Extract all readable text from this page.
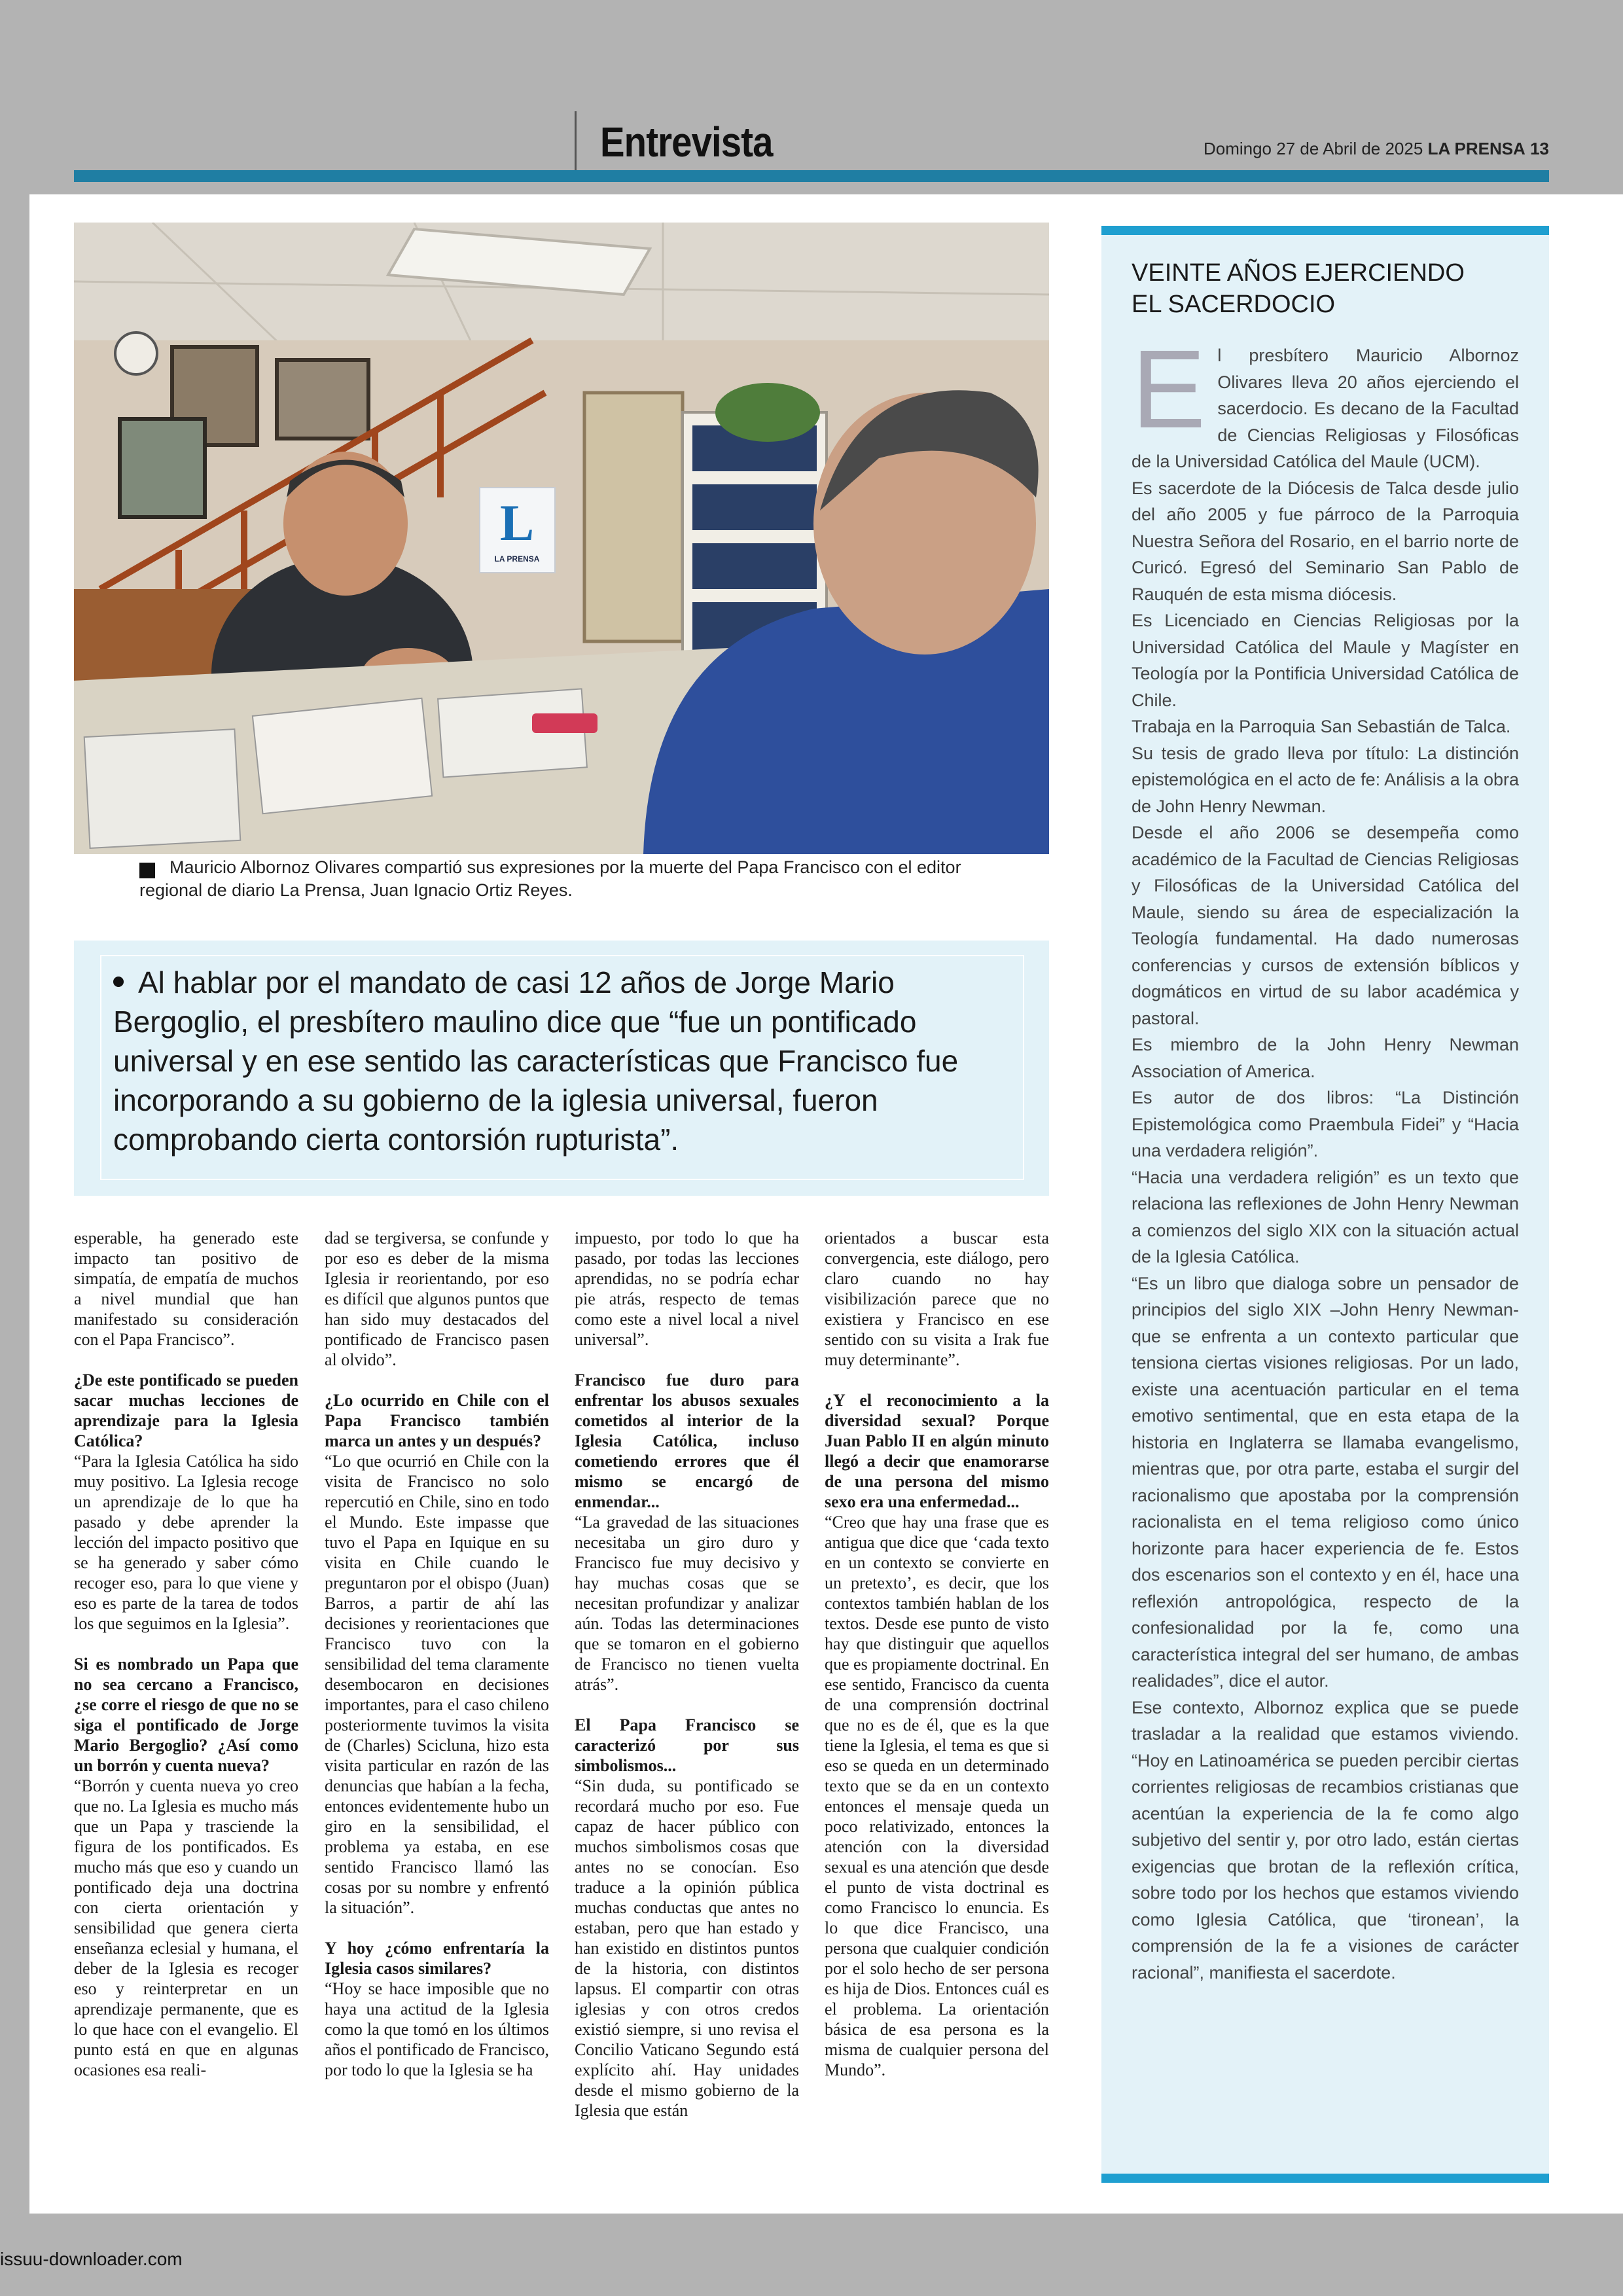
Entrevista	Domingo 27 de Abril de 2025 LA PRENSA 13
L
LA PRENSA
Mauricio Albornoz Olivares compartió sus expresiones por la muerte del Papa Francisco con el editor regional de diario La Prensa, Juan Ignacio Ortiz Reyes.
Al hablar por el mandato de casi 12 años de Jorge Mario Bergoglio, el presbítero maulino dice que “fue un pontificado universal y en ese sentido las características que Francisco fue incorporando a su gobierno de la iglesia universal, fueron comprobando cierta contorsión rupturista”.

esperable, ha generado este impacto tan positivo de simpatía, de empatía de muchos a nivel mundial que han manifestado su consideración con el Papa Francisco”.

¿De este pontificado se pueden sacar muchas lecciones de aprendizaje para la Iglesia Católica?

“Para la Iglesia Católica ha sido muy positivo. La Iglesia recoge un aprendizaje de lo que ha pasado y debe aprender la lección del impacto positivo que se ha generado y saber cómo recoger eso, para lo que viene y eso es parte de la tarea de todos los que seguimos en la Iglesia”.

Si es nombrado un Papa que no sea cercano a Francisco, ¿se corre el riesgo de que no se siga el pontificado de Jorge Mario Bergoglio? ¿Así como un borrón y cuenta nueva?

“Borrón y cuenta nueva yo creo que no. La Iglesia es mucho más que un Papa y trasciende la figura de los pontificados. Es mucho más que eso y cuando un pontificado deja una doctrina con cierta orientación y sensibilidad que genera cierta enseñanza eclesial y humana, el deber de la Iglesia es recoger eso y reinterpretar en un aprendizaje permanente, que es lo que hace con el evangelio. El punto está en que en algunas ocasiones esa reali-

dad se tergiversa, se confunde y por eso es deber de la misma Iglesia ir reorientando, por eso es difícil que algunos puntos que han sido muy destacados del pontificado de Francisco pasen al olvido”.

¿Lo ocurrido en Chile con el Papa Francisco también marca un antes y un después?

“Lo que ocurrió en Chile con la visita de Francisco no solo repercutió en Chile, sino en todo el Mundo. Este impasse que tuvo el Papa en Iquique en su visita en Chile cuando le preguntaron por el obispo (Juan) Barros, a partir de ahí las decisiones y reorientaciones que Francisco tuvo con la sensibilidad del tema claramente desembocaron en decisiones importantes, para el caso chileno posteriormente tuvimos la visita de (Charles) Scicluna, hizo esta visita particular en razón de las denuncias que habían a la fecha, entonces evidentemente hubo un giro en la sensibilidad, el problema ya estaba, en ese sentido Francisco llamó las cosas por su nombre y enfrentó la situación”.

Y hoy ¿cómo enfrentaría la Iglesia casos similares?

“Hoy se hace imposible que no haya una actitud de la Iglesia como la que tomó en los últimos años el pontificado de Francisco, por todo lo que la Iglesia se ha

impuesto, por todo lo que ha pasado, por todas las lecciones aprendidas, no se podría echar pie atrás, respecto de temas como este a nivel local a nivel universal”.

Francisco fue duro para enfrentar los abusos sexuales cometidos al interior de la Iglesia Católica, incluso cometiendo errores que él mismo se encargó de enmendar...

“La gravedad de las situaciones necesitaba un giro duro y Francisco fue muy decisivo y hay muchas cosas que se necesitan profundizar y analizar aún. Todas las determinaciones que se tomaron en el gobierno de Francisco no tienen vuelta atrás”.

El Papa Francisco se caracterizó por sus simbolismos...

“Sin duda, su pontificado se recordará mucho por eso. Fue capaz de hacer público con muchos simbolismos cosas que antes no se conocían. Eso traduce a la opinión pública muchas conductas que antes no estaban, pero que han estado y han existido en distintos puntos de la historia, con distintos lapsus. El compartir con otras iglesias y con otros credos existió siempre, si uno revisa el Concilio Vaticano Segundo está explícito ahí. Hay unidades desde el mismo gobierno de la Iglesia que están

orientados a buscar esta convergencia, este diálogo, pero claro cuando no hay visibilización parece que no existiera y Francisco en ese sentido con su visita a Irak fue muy determinante”.

¿Y el reconocimiento a la diversidad sexual? Porque Juan Pablo II en algún minuto llegó a decir que enamorarse de una persona del mismo sexo era una enfermedad...

“Creo que hay una frase que es antigua que dice que ‘cada texto en un contexto se convierte en un pretexto’, es decir, que los contextos también hablan de los textos. Desde ese punto de visto hay que distinguir que aquellos que es propiamente doctrinal. En ese sentido, Francisco da cuenta de una comprensión doctrinal que no es de él, que es la que tiene la Iglesia, el tema es que si eso se queda en un determinado texto que se da en un contexto entonces el mensaje queda un poco relativizado, entonces la atención con la diversidad sexual es una atención que desde el punto de vista doctrinal es como Francisco lo enuncia. Es lo que dice Francisco, una persona que cualquier condición por el solo hecho de ser persona es hija de Dios. Entonces cuál es el problema. La orientación básica de esa persona es la misma de cualquier persona del Mundo”.

VEINTE AÑOS EJERCIENDO
EL SACERDOCIO

El presbítero Mauricio Albornoz Olivares lleva 20 años ejerciendo el sacerdocio. Es decano de la Facultad de Ciencias Religiosas y Filosóficas de la Universidad Católica del Maule (UCM).

Es sacerdote de la Diócesis de Talca desde julio del año 2005 y fue párroco de la Parroquia Nuestra Señora del Rosario, en el barrio norte de Curicó. Egresó del Seminario San Pablo de Rauquén de esta misma diócesis.

Es Licenciado en Ciencias Religiosas por la Universidad Católica del Maule y Magíster en Teología por la Pontificia Universidad Católica de Chile.

Trabaja en la Parroquia San Sebastián de Talca.

Su tesis de grado lleva por título: La distinción epistemológica en el acto de fe: Análisis a la obra de John Henry Newman.

Desde el año 2006 se desempeña como académico de la Facultad de Ciencias Religiosas y Filosóficas de la Universidad Católica del Maule, siendo su área de especialización la Teología fundamental. Ha dado numerosas conferencias y cursos de extensión bíblicos y dogmáticos en virtud de su labor académica y pastoral.

Es miembro de la John Henry Newman Association of America.

Es autor de dos libros: “La Distinción Epistemológica como Praembula Fidei” y “Hacia una verdadera religión”.

“Hacia una verdadera religión” es un texto que relaciona las reflexiones de John Henry Newman a comienzos del siglo XIX con la situación actual de la Iglesia Católica.

“Es un libro que dialoga sobre un pensador de principios del siglo XIX –John Henry Newman- que se enfrenta a un contexto particular que tensiona ciertas visiones religiosas. Por un lado, existe una acentuación particular en el tema emotivo sentimental, que en esta etapa de la historia en Inglaterra se llamaba evangelismo, mientras que, por otra parte, estaba el surgir del racionalismo que apostaba por la comprensión racionalista en el tema religioso como único horizonte para hacer experiencia de fe. Estos dos escenarios son el contexto y en él, hace una reflexión antropológica, respecto de la confesionalidad por la fe, como una característica integral del ser humano, de ambas realidades”, dice el autor.

Ese contexto, Albornoz explica que se puede trasladar a la realidad que estamos viviendo. “Hoy en Latinoamérica se pueden percibir ciertas corrientes religiosas de recambios cristianas que acentúan la experiencia de la fe como algo subjetivo del sentir y, por otro lado, están ciertas exigencias que brotan de la reflexión crítica, sobre todo por los hechos que estamos viviendo como Iglesia Católica, que ‘tironean’, la comprensión de la fe a visiones de carácter racional”, manifiesta el sacerdote.

issuu-downloader.com
